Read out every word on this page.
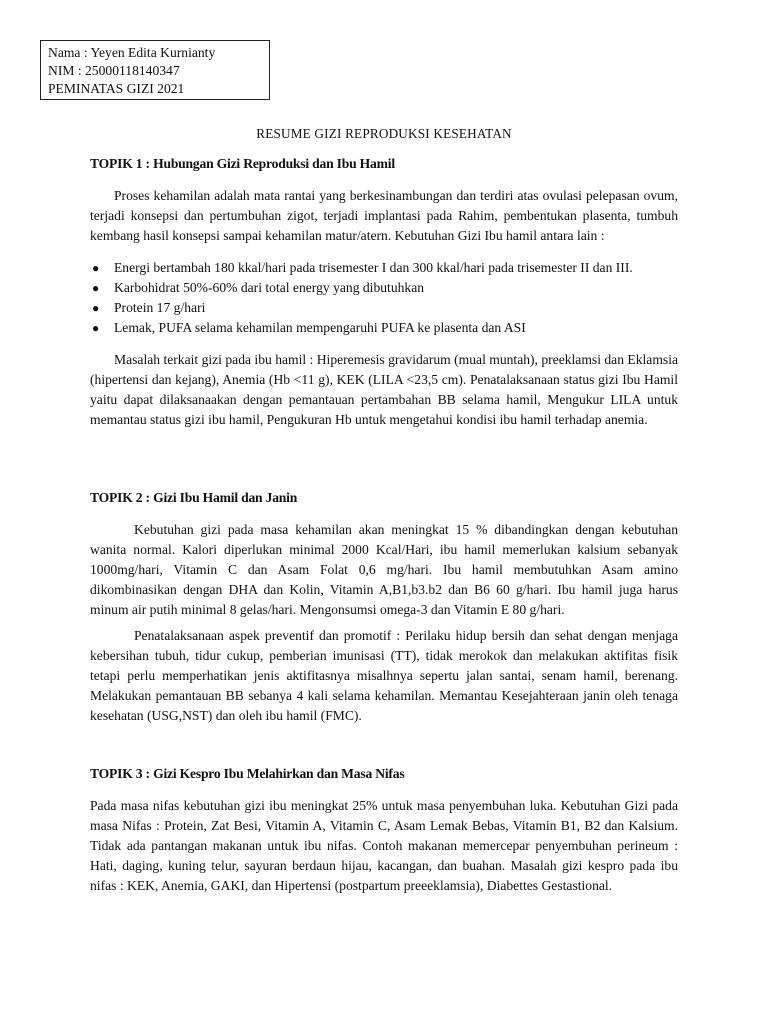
Nama : Yeyen Edita Kurnianty
NIM : 25000118140347
PEMINATAS GIZI 2021
RESUME GIZI REPRODUKSI KESEHATAN
TOPIK 1 : Hubungan Gizi Reproduksi dan Ibu Hamil
Proses kehamilan adalah mata rantai yang berkesinambungan dan terdiri atas ovulasi pelepasan ovum, terjadi konsepsi dan pertumbuhan zigot, terjadi implantasi pada Rahim, pembentukan plasenta, tumbuh kembang hasil konsepsi sampai kehamilan matur/atern. Kebutuhan Gizi Ibu hamil antara lain :
● Energi bertambah 180 kkal/hari pada trisemester I dan 300 kkal/hari pada trisemester II dan III.
● Karbohidrat 50%-60% dari total energy yang dibutuhkan
● Protein 17 g/hari
● Lemak, PUFA selama kehamilan mempengaruhi PUFA ke plasenta dan ASI
Masalah terkait gizi pada ibu hamil : Hiperemesis gravidarum (mual muntah), preeklamsi dan Eklamsia (hipertensi dan kejang), Anemia (Hb <11 g), KEK (LILA <23,5 cm). Penatalaksanaan status gizi Ibu Hamil yaitu dapat dilaksanaakan dengan pemantauan pertambahan BB selama hamil, Mengukur LILA untuk memantau status gizi ibu hamil, Pengukuran Hb untuk mengetahui kondisi ibu hamil terhadap anemia.
TOPIK 2 : Gizi Ibu Hamil dan Janin
Kebutuhan gizi pada masa kehamilan akan meningkat 15 % dibandingkan dengan kebutuhan wanita normal. Kalori diperlukan minimal 2000 Kcal/Hari, ibu hamil memerlukan kalsium sebanyak 1000mg/hari, Vitamin C dan Asam Folat 0,6 mg/hari. Ibu hamil membutuhkan Asam amino dikombinasikan dengan DHA dan Kolin, Vitamin A,B1,b3.b2 dan B6 60 g/hari. Ibu hamil juga harus minum air putih minimal 8 gelas/hari. Mengonsumsi omega-3 dan Vitamin E 80 g/hari.
Penatalaksanaan aspek preventif dan promotif : Perilaku hidup bersih dan sehat dengan menjaga kebersihan tubuh, tidur cukup, pemberian imunisasi (TT), tidak merokok dan melakukan aktifitas fisik tetapi perlu memperhatikan jenis aktifitasnya misalhnya sepertu jalan santai, senam hamil, berenang. Melakukan pemantauan BB sebanya 4 kali selama kehamilan. Memantau Kesejahteraan janin oleh tenaga kesehatan (USG,NST) dan oleh ibu hamil (FMC).
TOPIK 3 : Gizi Kespro Ibu Melahirkan dan Masa Nifas
Pada masa nifas kebutuhan gizi ibu meningkat 25% untuk masa penyembuhan luka. Kebutuhan Gizi pada masa Nifas : Protein, Zat Besi, Vitamin A, Vitamin C, Asam Lemak Bebas, Vitamin B1, B2 dan Kalsium. Tidak ada pantangan makanan untuk ibu nifas. Contoh makanan memercepar penyembuhan perineum : Hati, daging, kuning telur, sayuran berdaun hijau, kacangan, dan buahan. Masalah gizi kespro pada ibu nifas : KEK, Anemia, GAKI, dan Hipertensi (postpartum preeeklamsia), Diabettes Gestastional.
